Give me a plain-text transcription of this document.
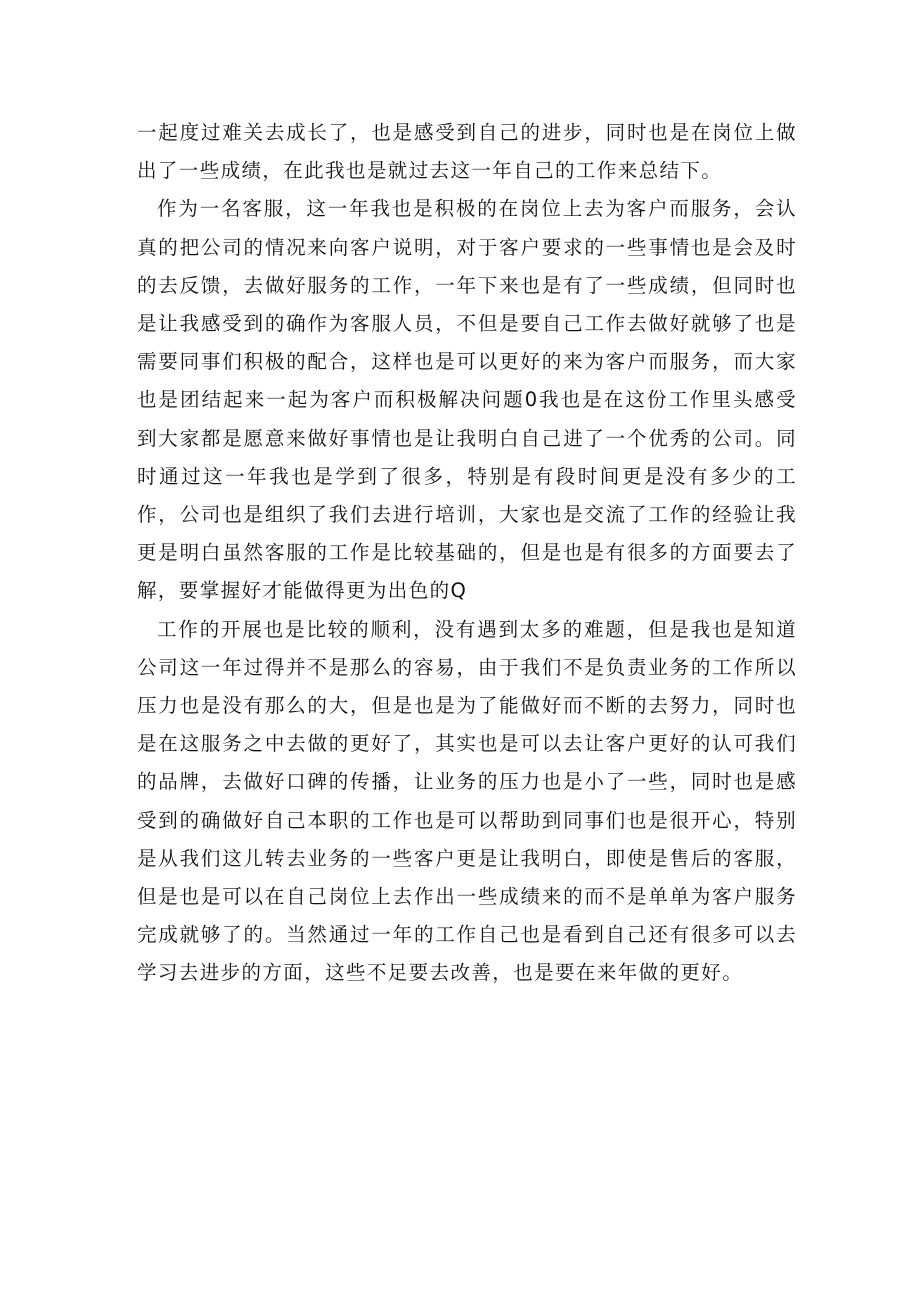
一起度过难关去成长了，也是感受到自己的进步，同时也是在岗位上做出了一些成绩，在此我也是就过去这一年自己的工作来总结下。

作为一名客服，这一年我也是积极的在岗位上去为客户而服务，会认真的把公司的情况来向客户说明，对于客户要求的一些事情也是会及时的去反馈，去做好服务的工作，一年下来也是有了一些成绩，但同时也是让我感受到的确作为客服人员，不但是要自己工作去做好就够了也是需要同事们积极的配合，这样也是可以更好的来为客户而服务，而大家也是团结起来一起为客户而积极解决问题0我也是在这份工作里头感受到大家都是愿意来做好事情也是让我明白自己进了一个优秀的公司。同时通过这一年我也是学到了很多，特别是有段时间更是没有多少的工作，公司也是组织了我们去进行培训，大家也是交流了工作的经验让我更是明白虽然客服的工作是比较基础的，但是也是有很多的方面要去了解，要掌握好才能做得更为出色的Q

工作的开展也是比较的顺利，没有遇到太多的难题，但是我也是知道公司这一年过得并不是那么的容易，由于我们不是负责业务的工作所以压力也是没有那么的大，但是也是为了能做好而不断的去努力，同时也是在这服务之中去做的更好了，其实也是可以去让客户更好的认可我们的品牌，去做好口碑的传播，让业务的压力也是小了一些，同时也是感受到的确做好自己本职的工作也是可以帮助到同事们也是很开心，特别是从我们这儿转去业务的一些客户更是让我明白，即使是售后的客服，但是也是可以在自己岗位上去作出一些成绩来的而不是单单为客户服务完成就够了的。当然通过一年的工作自己也是看到自己还有很多可以去学习去进步的方面，这些不足要去改善，也是要在来年做的更好。
